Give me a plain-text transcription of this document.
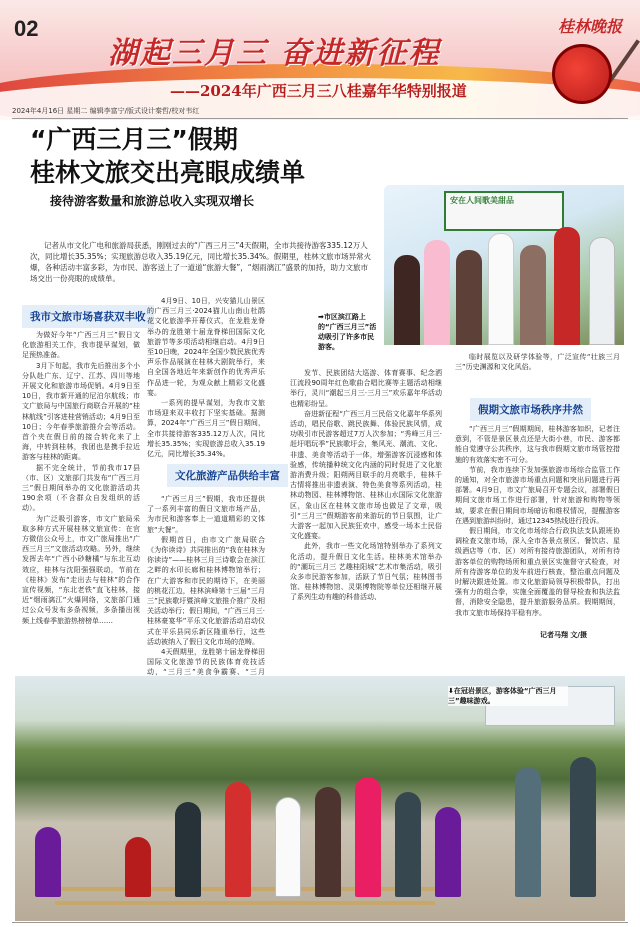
02
湖起三月三 奋进新征程
——2024年广西三月三八桂嘉年华特别报道
桂林晚报
2024年4月16日 星期二 编辑李富宁/版式设计秦哲/校对韦红
“广西三月三”假期
桂林文旅交出亮眼成绩单
接待游客数量和旅游总收入实现双增长	安在人间歌美甜品
记者从市文化广电和旅游局获悉，刚刚过去的“广西三月三”4天假期，全市共接待游客335.12万人次，同比增长35.35%；实现旅游总收入35.19亿元，同比增长35.34%。假期里，桂林文旅市场异常火爆，各种活动丰富多彩，为市民、游客送上了一道道“旅游大餐”，“烟雨漓江”盛景的加持，助力文旅市场交出一份亮眼的成绩单。
我市文旅市场喜获双丰收

为做好今年“广西三月三”假日文化旅游相关工作，我市提早谋划，做足预热准备。

3月下旬起，我市先后推出多个小分队赴广东、辽宁、江苏、四川等地开展文化和旅游市场促销。4月9日至10日，我市新开通的尼泊尔航线；市文广旅局与中国旅行商联合开展的“桂林航线”引客进桂营销活动；4月9日至10日；今年春季旅游推介会等活动。首个夹在假日前的接合转化来了上海，中转到桂林，我团也是携手拉近游客与桂林的距离。

据不完全统计，节前我市17县（市、区）文旅部门共发布“广西三月三”假日期间举办的文化旅游活动共190余项（不含群众自发组织的活动）。

为广泛吸引游客，市文广旅局采取多种方式开展桂林文旅宣传：在官方微信公众号上，市文广旅局推出“广西三月三”文旅活动攻略。另外，继续发挥去年“广西小砂糖橘”与东北互动效应，桂林与沈阳强强联动，节前在《桂林》发布“走出去与桂林”的合作宣传视频，“东北老铁”直飞桂林，接近“烟雨漓江”火爆网络，文旅部门通过公众号发布多条视频，多条播出视频上线春季旅游热榜榜单……

4月9日、10日，兴安猫儿山景区的广西三月三·2024猫儿山南山杜鹃花文化旅游季开幕仪式，在龙胜龙脊举办的龙胜第十届龙脊梯田国际文化旅游节等多项活动相继启动。4月9日至10日晚，2024年全国少数民族优秀声乐作品展演在桂林大剧院举行，来自全国各地近年来新创作的优秀声乐作品进一轮，为观众献上精彩文化盛宴。

一系列的提早谋划，为我市文旅市场迎来双丰收打下坚实基础。据测算，2024年“广西三月三”假日期间，全市共接待游客335.12万人次，同比增长35.35%；实现旅游总收入35.19亿元，同比增长35.34%。

文化旅游产品供给丰富

“广西三月三”假期，我市还提供了一系列丰富的假日文旅市场产品，为市民和游客奉上一道道精彩的文体旅“大餐”。

假期首日，由市文广旅局联合《为你读诗》共同推出的“我在桂林为你读诗”——桂林三月三诗歌会在滨江之畔的水印长廊和桂林博物馆举行；在广大游客和市民的期待下，在美丽的桃花江边，桂林滨峰第十三届“三月三”民族歌圩暨滨峰文旅推介推广及相关活动举行；假日期间，“广西三月三·桂林豪宴华”平乐文化旅游活动启动仪式在平乐县同乐新区隆重举行，这些活动被纳入了假日文化市场的范畴。

4天假期里，龙胜第十届龙脊梯田国际文化旅游节的民族体育竞技活动，“三月三”美食争霸赛、“三月

➡市区滨江路上的“广西三月三”活动吸引了许多市民游客。

发节、民族团结大巡游、体育赛事、纪念洒江流段90周年红色歌曲合唱比赛等主题活动相继举行，灵川“潮起三月三·三月三”欢乐嘉年华活动也精彩纷呈。

奋进新征程“广西三月三民俗文化嘉年华系列活动，唱民俗歌、跳民族舞、体验民族风情，成功吸引市民游客超过7万人次参加；“秀峰三月三·赶圩唱玩季”民族歌圩会，集风光、潮流、文化、非遗、美食等活动于一体，增强游客沉浸感和体验感，传统播种统文化内涵的同时促进了文化旅游消费升级；阳朔两目联手的月亮歌手，桂林千古情将推出非遗表演、特色美食等系列活动，桂林动物园、桂林博物馆、桂林山水国际文化旅游区，象山区在桂林文旅市场也做足了文章，吸引“三月三”假期游客前来游玩的节日氛围，让广大游客一起加入民族狂欢中，感受一场本土民俗文化盛宴。

此外，我市一些文化场馆特别举办了系列文化活动，提升假日文化生活。桂林美术馆举办的“潮玩三月三 艺趣桂阳城”艺术市集活动，吸引众多市民游客参加，活跃了节日气氛；桂林图书馆、桂林博物馆、灵渠博物院等单位还相继开展了系列生动有趣的科普活动、

临时展览以及研学体验等，广泛宣传“壮族三月三”历史渊源和文化风俗。

假期文旅市场秩序井然

“广西三月三”假期期间，桂林游客如织，记者注意到，不管是景区景点还是大街小巷，市民、游客都能自觉遵守公共秩序，这与我市假期文旅市场管控措施的有效落实密不可分。

节前，我市连续下发加强旅游市场综合监管工作的通知，对全市旅游市场重点问题和突出问题进行再部署。4月9日，市文广旅局召开专题会议，部署假日期间文旅市场工作进行部署，针对旅游和购物等领域，要求在假日期间市场暗访和维权情况，提醒游客在遇到旅游纠纷时，通过12345热线进行投诉。

假日期间，市文化市场综合行政执法支队跟班协调检查文旅市场，深入全市各景点景区、餐饮店、星级酒店等（市、区）对所有接待旅游团队，对所有待游客单位的购物场所和重点景区实施督守式检查，对所有待游客单位的发车前进行核查，整治重点问题及时解决跟进处置。市文化旅游局领导积极带队，打出强有力的组合拳，实施全面覆盖的督导检查和执法监督，消除安全隐患，提升旅游服务品质。假期期间，我市文旅市场保持平稳有序。

记者马翔 文/摄
⬇在冠岩景区，游客体验“广西三月三”趣味游戏。
